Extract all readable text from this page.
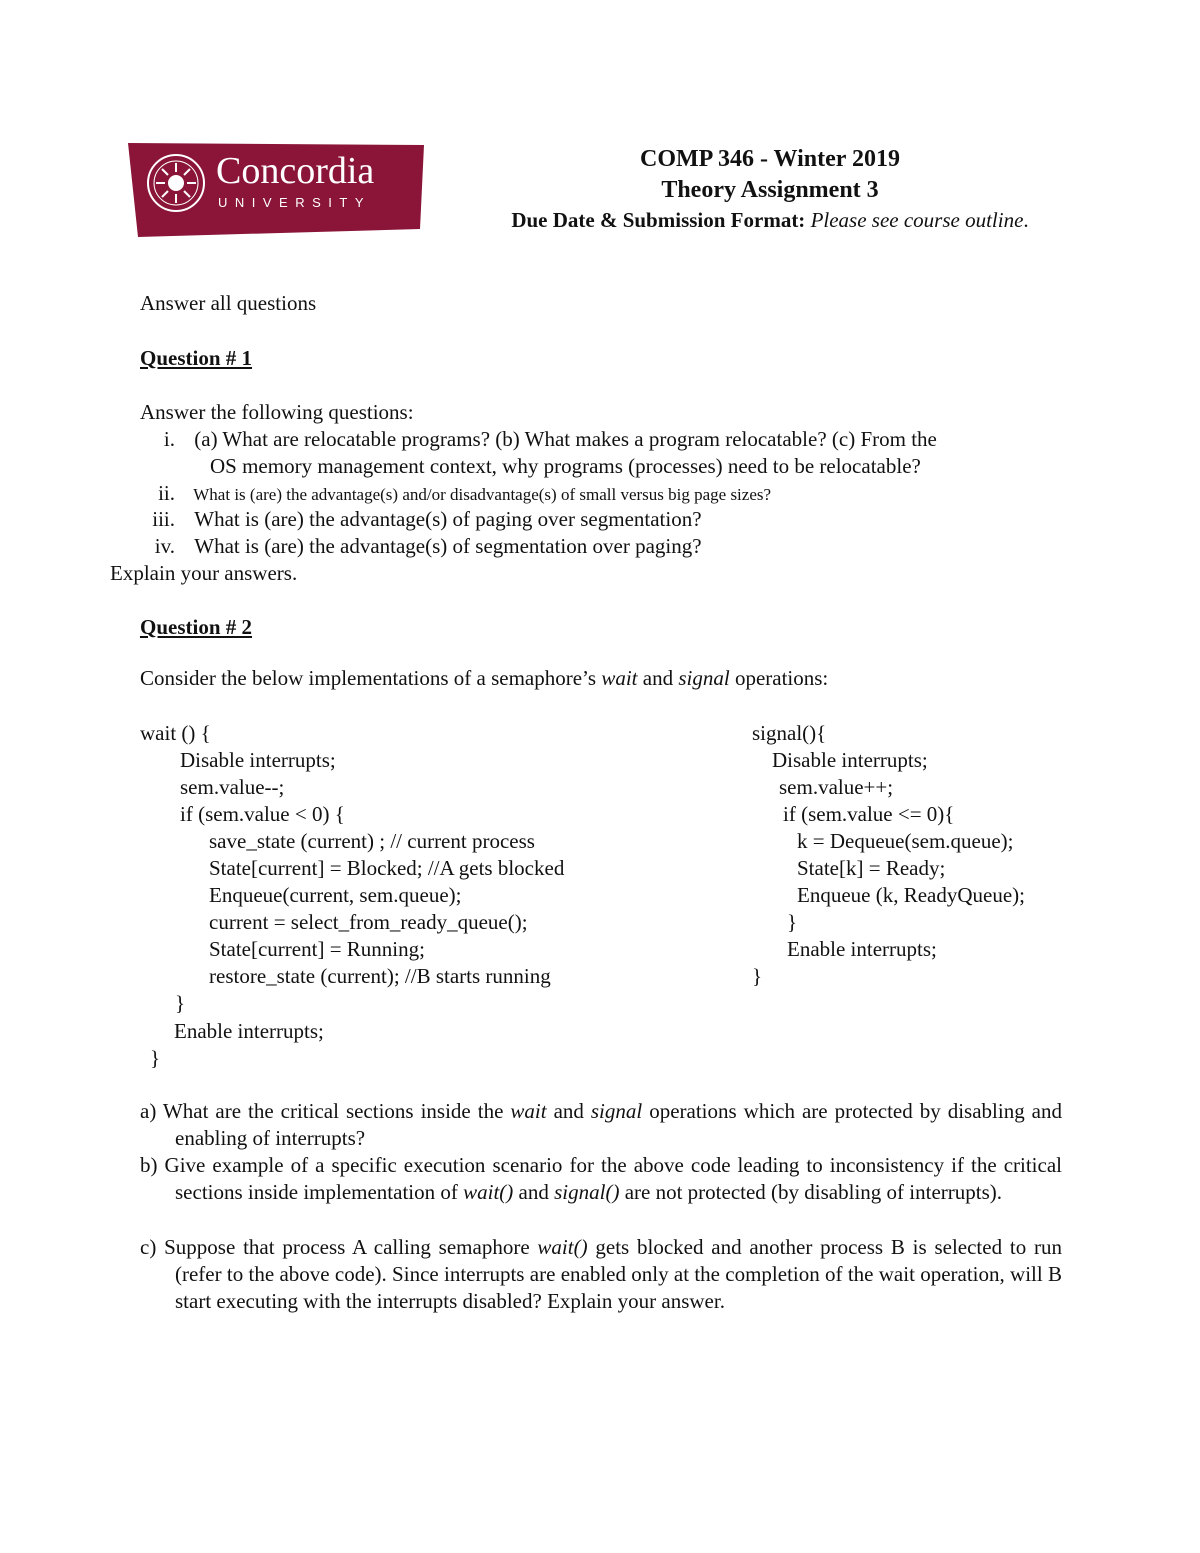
Concordia
UNIVERSITY
COMP 346 - Winter 2019
Theory Assignment 3
Due Date & Submission Format: Please see course outline.
Answer all questions
Question # 1
Answer the following questions:
i. (a) What are relocatable programs? (b) What makes a program relocatable? (c) From the
OS memory management context, why programs (processes) need to be relocatable?
ii. What is (are) the advantage(s) and/or disadvantage(s) of small versus big page sizes?
iii. What is (are) the advantage(s) of paging over segmentation?
iv. What is (are) the advantage(s) of segmentation over paging?
Explain your answers.
Question # 2
Consider the below implementations of a semaphore’s wait and signal operations:
wait () {
Disable interrupts;
sem.value--;
if (sem.value < 0) {
save_state (current) ; // current process
State[current] = Blocked; //A gets blocked
Enqueue(current, sem.queue);
current = select_from_ready_queue();
State[current] = Running;
restore_state (current); //B starts running
}
Enable interrupts;
}
signal(){
Disable interrupts;
sem.value++;
if (sem.value <= 0){
k = Dequeue(sem.queue);
State[k] = Ready;
Enqueue (k, ReadyQueue);
}
Enable interrupts;
}
a) What are the critical sections inside the wait and signal operations which are protected by disabling and enabling of interrupts?
b) Give example of a specific execution scenario for the above code leading to inconsistency if the critical sections inside implementation of wait() and signal() are not protected (by disabling of interrupts).
c) Suppose that process A calling semaphore wait() gets blocked and another process B is selected to run (refer to the above code). Since interrupts are enabled only at the completion of the wait operation, will B start executing with the interrupts disabled? Explain your answer.
